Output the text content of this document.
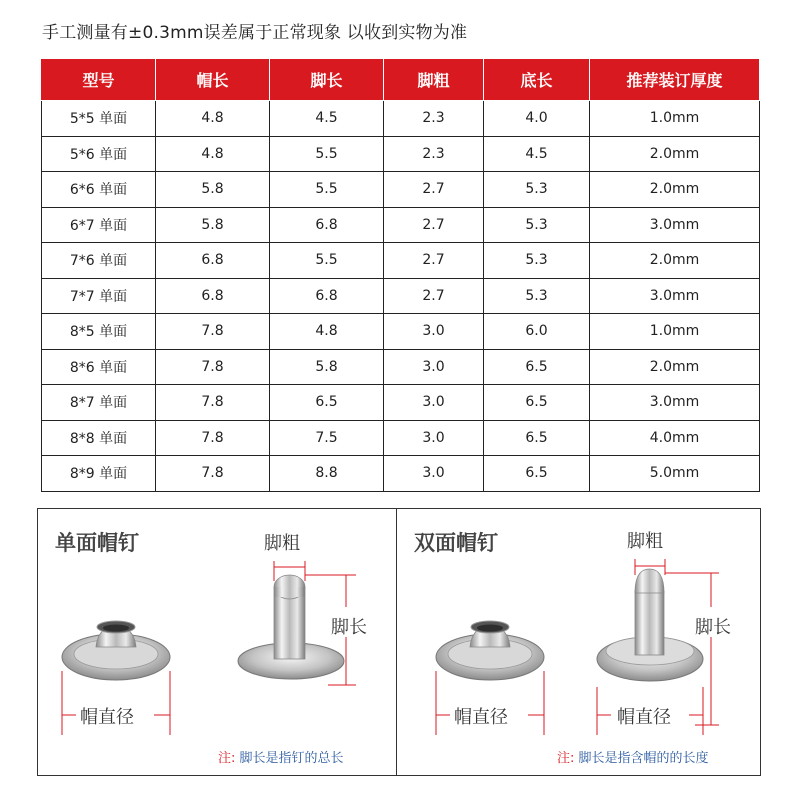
手工测量有±0.3mm误差属于正常现象 以收到实物为准
型号	帽长	脚长	脚粗	底长	推荐装订厚度
5*5 单面	4.8	4.5	2.3	4.0	1.0mm
5*6 单面	4.8	5.5	2.3	4.5	2.0mm
6*6 单面	5.8	5.5	2.7	5.3	2.0mm
6*7 单面	5.8	6.8	2.7	5.3	3.0mm
7*6 单面	6.8	5.5	2.7	5.3	2.0mm
7*7 单面	6.8	6.8	2.7	5.3	3.0mm
8*5 单面	7.8	4.8	3.0	6.0	1.0mm
8*6 单面	7.8	5.8	3.0	6.5	2.0mm
8*7 单面	7.8	6.5	3.0	6.5	3.0mm
8*8 单面	7.8	7.5	3.0	6.5	4.0mm
8*9 单面	7.8	8.8	3.0	6.5	5.0mm
单面帽钉	脚粗
脚长
帽直径
注: 脚长是指钉的总长
双面帽钉	脚粗
脚长
帽直径	帽直径
注: 脚长是指含帽的的长度
